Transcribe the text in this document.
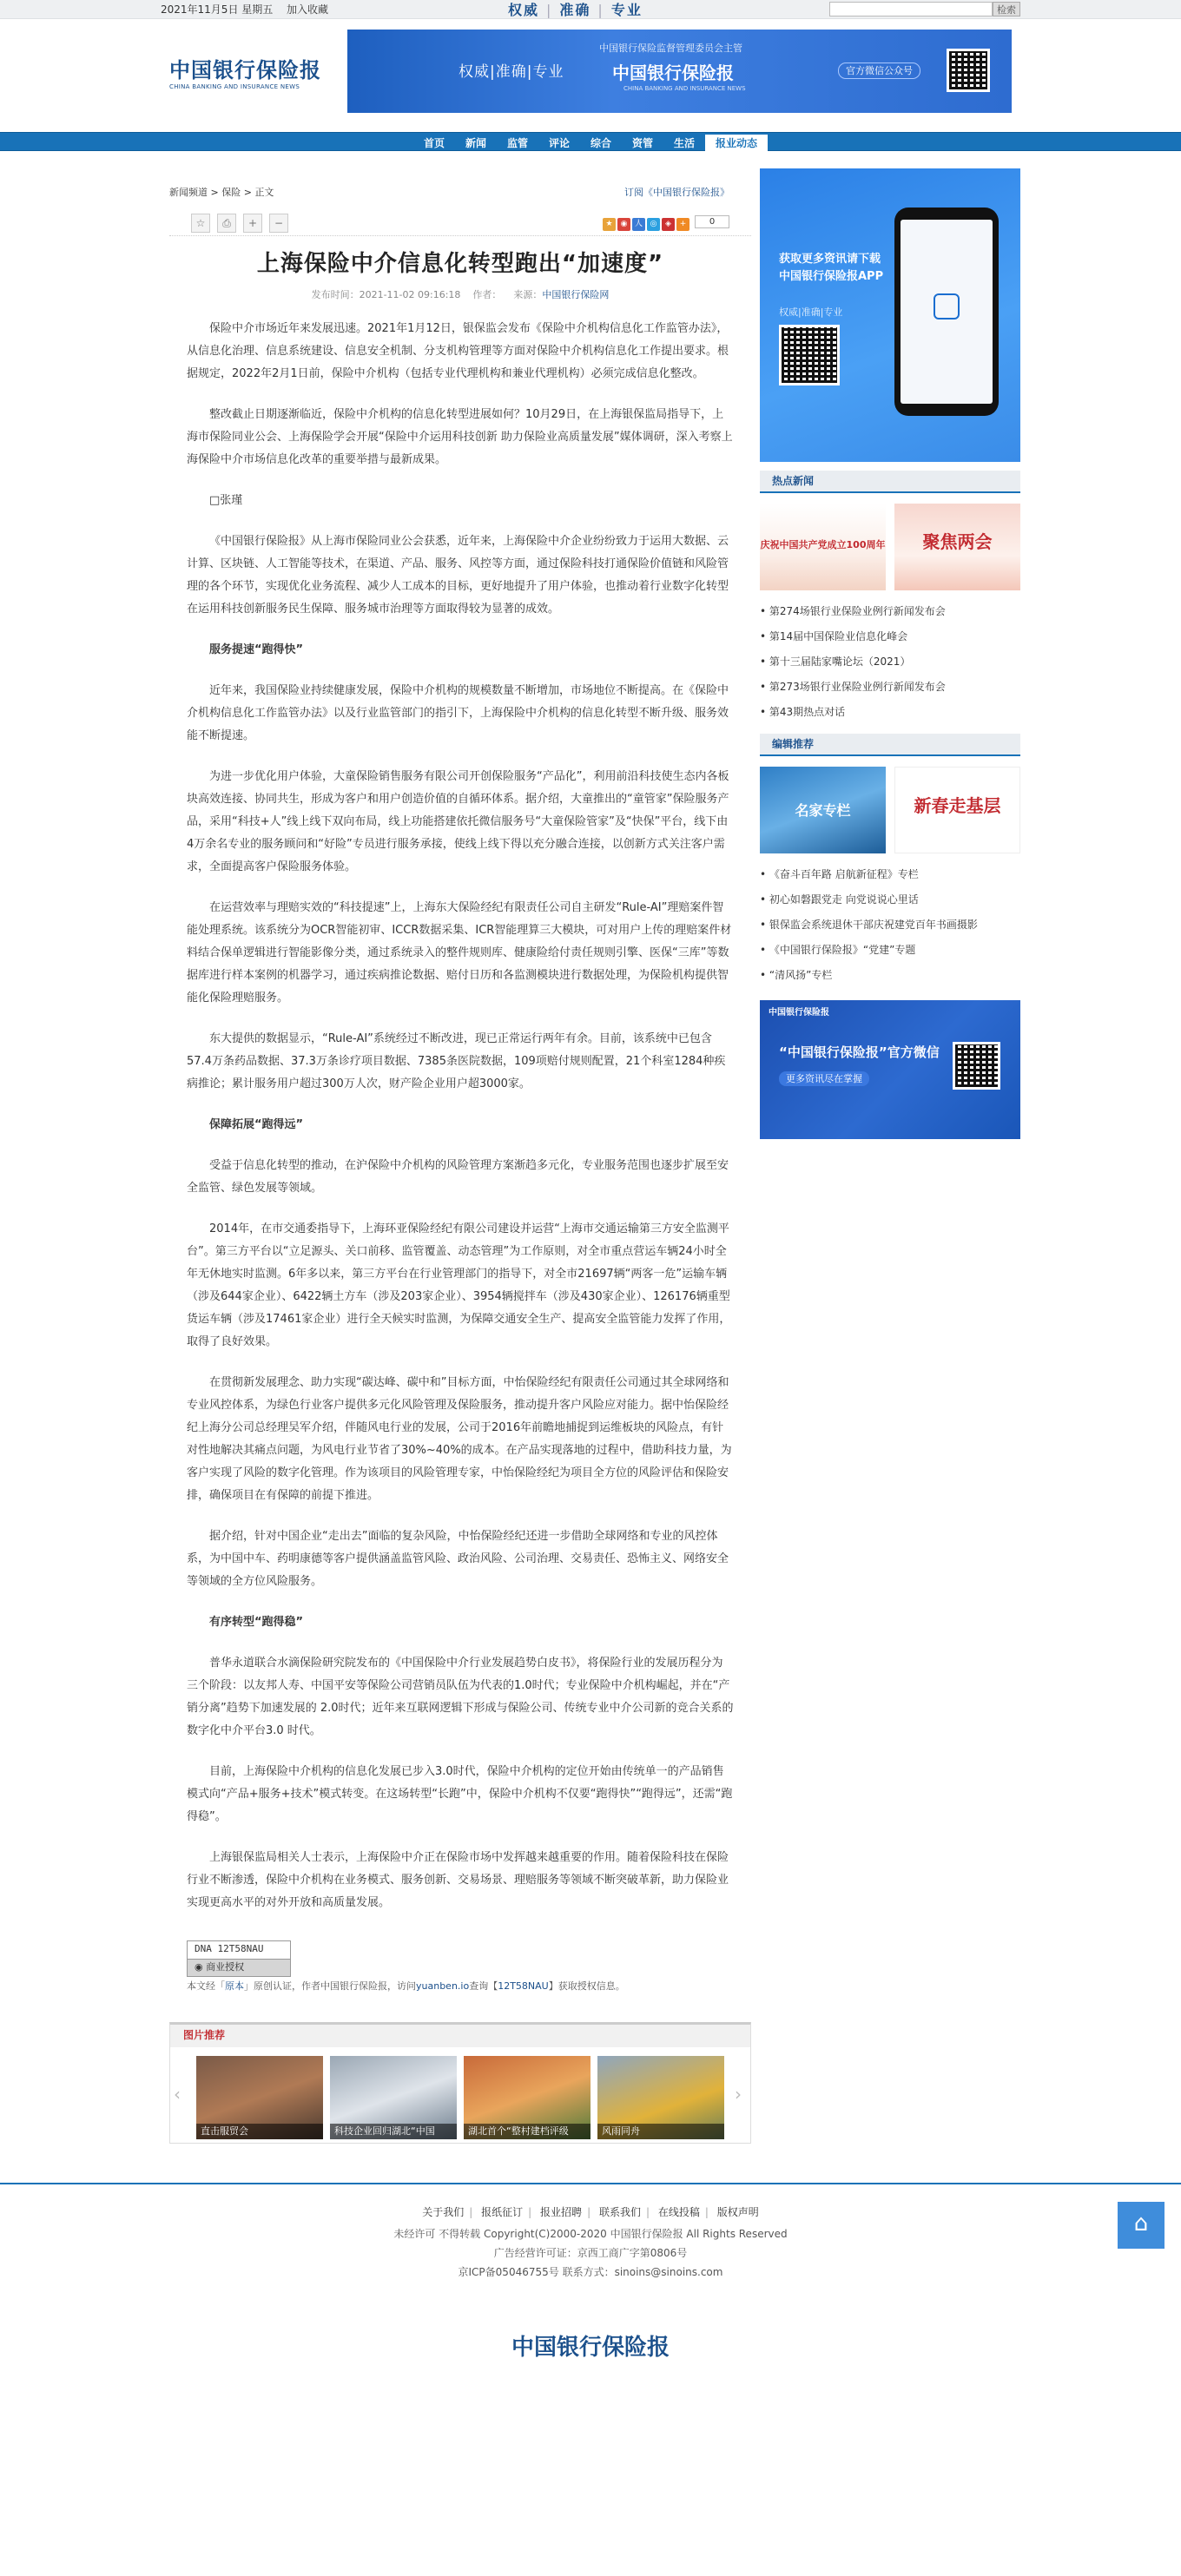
2021年11月5日 星期五 加入收藏	权威 | 准确 | 专业	检索
中国银行保险报
CHINA BANKING AND INSURANCE NEWS
权威|准确|专业
中国银行保险监督管理委员会主管
中国银行保险报
CHINA BANKING AND INSURANCE NEWS
官方微信公众号
首页 新闻 监管 评论 综合 资管 生活 报业动态
新闻频道 > 保险 > 正文	订阅《中国银行保险报》
☆ ⎙ + −	★ ◉ 人 ◎ ◈ +	0
上海保险中介信息化转型跑出“加速度”
发布时间：2021-11-02 09:16:18 作者： 来源：中国银行保险网

保险中介市场近年来发展迅速。2021年1月12日，银保监会发布《保险中介机构信息化工作监管办法》，从信息化治理、信息系统建设、信息安全机制、分支机构管理等方面对保险中介机构信息化工作提出要求。根据规定，2022年2月1日前，保险中介机构（包括专业代理机构和兼业代理机构）必须完成信息化整改。

整改截止日期逐渐临近，保险中介机构的信息化转型进展如何？10月29日，在上海银保监局指导下，上海市保险同业公会、上海保险学会开展“保险中介运用科技创新 助力保险业高质量发展”媒体调研，深入考察上海保险中介市场信息化改革的重要举措与最新成果。

□张瑾

《中国银行保险报》从上海市保险同业公会获悉，近年来，上海保险中介企业纷纷致力于运用大数据、云计算、区块链、人工智能等技术，在渠道、产品、服务、风控等方面，通过保险科技打通保险价值链和风险管理的各个环节，实现优化业务流程、减少人工成本的目标，更好地提升了用户体验，也推动着行业数字化转型在运用科技创新服务民生保障、服务城市治理等方面取得较为显著的成效。

服务提速“跑得快”

近年来，我国保险业持续健康发展，保险中介机构的规模数量不断增加，市场地位不断提高。在《保险中介机构信息化工作监管办法》以及行业监管部门的指引下，上海保险中介机构的信息化转型不断升级、服务效能不断提速。

为进一步优化用户体验，大童保险销售服务有限公司开创保险服务“产品化”，利用前沿科技使生态内各板块高效连接、协同共生，形成为客户和用户创造价值的自循环体系。据介绍，大童推出的“童管家”保险服务产品，采用“科技+人”线上线下双向布局，线上功能搭建依托微信服务号“大童保险管家”及“快保”平台，线下由4万余名专业的服务顾问和“好险”专员进行服务承接，使线上线下得以充分融合连接，以创新方式关注客户需求，全面提高客户保险服务体验。

在运营效率与理赔实效的“科技提速”上，上海东大保险经纪有限责任公司自主研发“Rule-AI”理赔案件智能处理系统。该系统分为OCR智能初审、ICCR数据采集、ICR智能理算三大模块，可对用户上传的理赔案件材料结合保单逻辑进行智能影像分类，通过系统录入的整件规则库、健康险给付责任规则引擎、医保“三库”等数据库进行样本案例的机器学习，通过疾病推论数据、赔付日历和各监测模块进行数据处理，为保险机构提供智能化保险理赔服务。

东大提供的数据显示，“Rule-AI”系统经过不断改进，现已正常运行两年有余。目前，该系统中已包含57.4万条药品数据、37.3万条诊疗项目数据、7385条医院数据，109项赔付规则配置，21个科室1284种疾病推论；累计服务用户超过300万人次，财产险企业用户超3000家。

保障拓展“跑得远”

受益于信息化转型的推动，在沪保险中介机构的风险管理方案渐趋多元化，专业服务范围也逐步扩展至安全监管、绿色发展等领域。

2014年，在市交通委指导下，上海环亚保险经纪有限公司建设并运营“上海市交通运输第三方安全监测平台”。第三方平台以“立足源头、关口前移、监管覆盖、动态管理”为工作原则，对全市重点营运车辆24小时全年无休地实时监测。6年多以来，第三方平台在行业管理部门的指导下，对全市21697辆“两客一危”运输车辆（涉及644家企业）、6422辆土方车（涉及203家企业）、3954辆搅拌车（涉及430家企业）、126176辆重型货运车辆（涉及17461家企业）进行全天候实时监测，为保障交通安全生产、提高安全监管能力发挥了作用，取得了良好效果。

在贯彻新发展理念、助力实现“碳达峰、碳中和”目标方面，中怡保险经纪有限责任公司通过其全球网络和专业风控体系，为绿色行业客户提供多元化风险管理及保险服务，推动提升客户风险应对能力。据中怡保险经纪上海分公司总经理吴军介绍，伴随风电行业的发展，公司于2016年前瞻地捕捉到运维板块的风险点，有针对性地解决其痛点问题，为风电行业节省了30%~40%的成本。在产品实现落地的过程中，借助科技力量，为客户实现了风险的数字化管理。作为该项目的风险管理专家，中怡保险经纪为项目全方位的风险评估和保险安排，确保项目在有保障的前提下推进。

据介绍，针对中国企业“走出去”面临的复杂风险，中怡保险经纪还进一步借助全球网络和专业的风控体系，为中国中车、药明康德等客户提供涵盖监管风险、政治风险、公司治理、交易责任、恐怖主义、网络安全等领域的全方位风险服务。

有序转型“跑得稳”

普华永道联合水滴保险研究院发布的《中国保险中介行业发展趋势白皮书》，将保险行业的发展历程分为三个阶段：以友邦人寿、中国平安等保险公司营销员队伍为代表的1.0时代；专业保险中介机构崛起，并在“产销分离”趋势下加速发展的 2.0时代；近年来互联网逻辑下形成与保险公司、传统专业中介公司新的竞合关系的数字化中介平台3.0 时代。

目前，上海保险中介机构的信息化发展已步入3.0时代，保险中介机构的定位开始由传统单一的产品销售模式向“产品+服务+技术”模式转变。在这场转型“长跑”中，保险中介机构不仅要“跑得快”“跑得远”，还需“跑得稳”。

上海银保监局相关人士表示，上海保险中介正在保险市场中发挥越来越重要的作用。随着保险科技在保险行业不断渗透，保险中介机构在业务模式、服务创新、交易场景、理赔服务等领域不断突破革新，助力保险业实现更高水平的对外开放和高质量发展。

DNA 12T58NAU
◉ 商业授权
本文经「原本」原创认证，作者中国银行保险报，访问yuanben.io查询【12T58NAU】获取授权信息。
图片推荐
‹
直击服贸会	科技企业回归湖北“中国	湖北首个“整村建档评级	风雨同舟
›
获取更多资讯请下载
中国银行保险报APP
权威|准确|专业
热点新闻
庆祝中国共产党成立100周年	聚焦两会
• 第274场银行业保险业例行新闻发布会
• 第14届中国保险业信息化峰会
• 第十三届陆家嘴论坛（2021）
• 第273场银行业保险业例行新闻发布会
• 第43期热点对话
编辑推荐
名家专栏	新春走基层
• 《奋斗百年路 启航新征程》专栏
• 初心如磐跟党走 向党说说心里话
• 银保监会系统退休干部庆祝建党百年书画摄影
• 《中国银行保险报》“党建”专题
• “清风扬”专栏
中国银行保险报
“中国银行保险报”官方微信
更多资讯尽在掌握
关于我们 | 报纸征订 | 报业招聘 | 联系我们 | 在线投稿 | 版权声明
未经许可 不得转载 Copyright(C)2000-2020 中国银行保险报 All Rights Reserved
广告经营许可证：京西工商广字第0806号
京ICP备05046755号 联系方式：sinoins@sinoins.com
中国银行保险报
⌂
